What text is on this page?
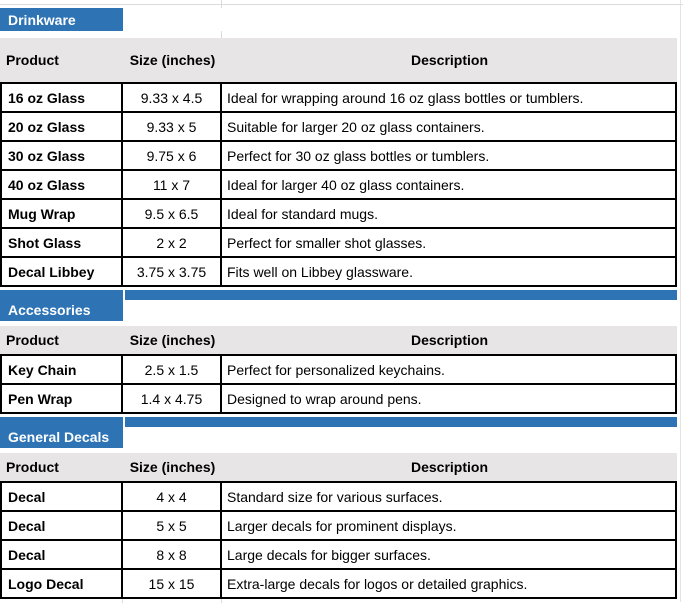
Drinkware
Product	Size (inches)	Description
16 oz Glass	9.33 x 4.5	Ideal for wrapping around 16 oz glass bottles or tumblers.
20 oz Glass	9.33 x 5	Suitable for larger 20 oz glass containers.
30 oz Glass	9.75 x 6	Perfect for 30 oz glass bottles or tumblers.
40 oz Glass	11 x 7	Ideal for larger 40 oz glass containers.
Mug Wrap	9.5 x 6.5	Ideal for standard mugs.
Shot Glass	2 x 2	Perfect for smaller shot glasses.
Decal Libbey	3.75 x 3.75	Fits well on Libbey glassware.
Accessories
Product	Size (inches)	Description
Key Chain	2.5 x 1.5	Perfect for personalized keychains.
Pen Wrap	1.4 x 4.75	Designed to wrap around pens.
General Decals
Product	Size (inches)	Description
Decal	4 x 4	Standard size for various surfaces.
Decal	5 x 5	Larger decals for prominent displays.
Decal	8 x 8	Large decals for bigger surfaces.
Logo Decal	15 x 15	Extra-large decals for logos or detailed graphics.
